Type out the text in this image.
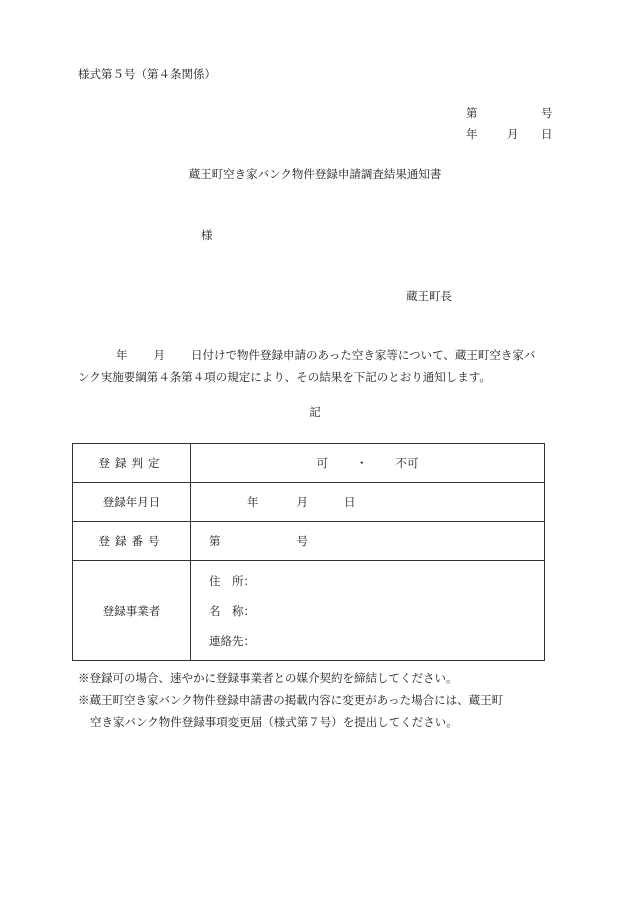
様式第５号（第４条関係）
第	号
年	月 日
蔵王町空き家バンク物件登録申請調査結果通知書
様
蔵王町長
年 月 日付けで物件登録申請のあった空き家等について、蔵王町空き家バ
ンク実施要綱第４条第４項の規定により、その結果を下記のとおり通知します。
記
登録判定	可 ・ 不可
登録年月日	年 月 日
登録番号	第 号
登録事業者	住　所：
名　称：
連絡先：
※登録可の場合、速やかに登録事業者との媒介契約を締結してください。
※蔵王町空き家バンク物件登録申請書の掲載内容に変更があった場合には、蔵王町
空き家バンク物件登録事項変更届（様式第７号）を提出してください。
